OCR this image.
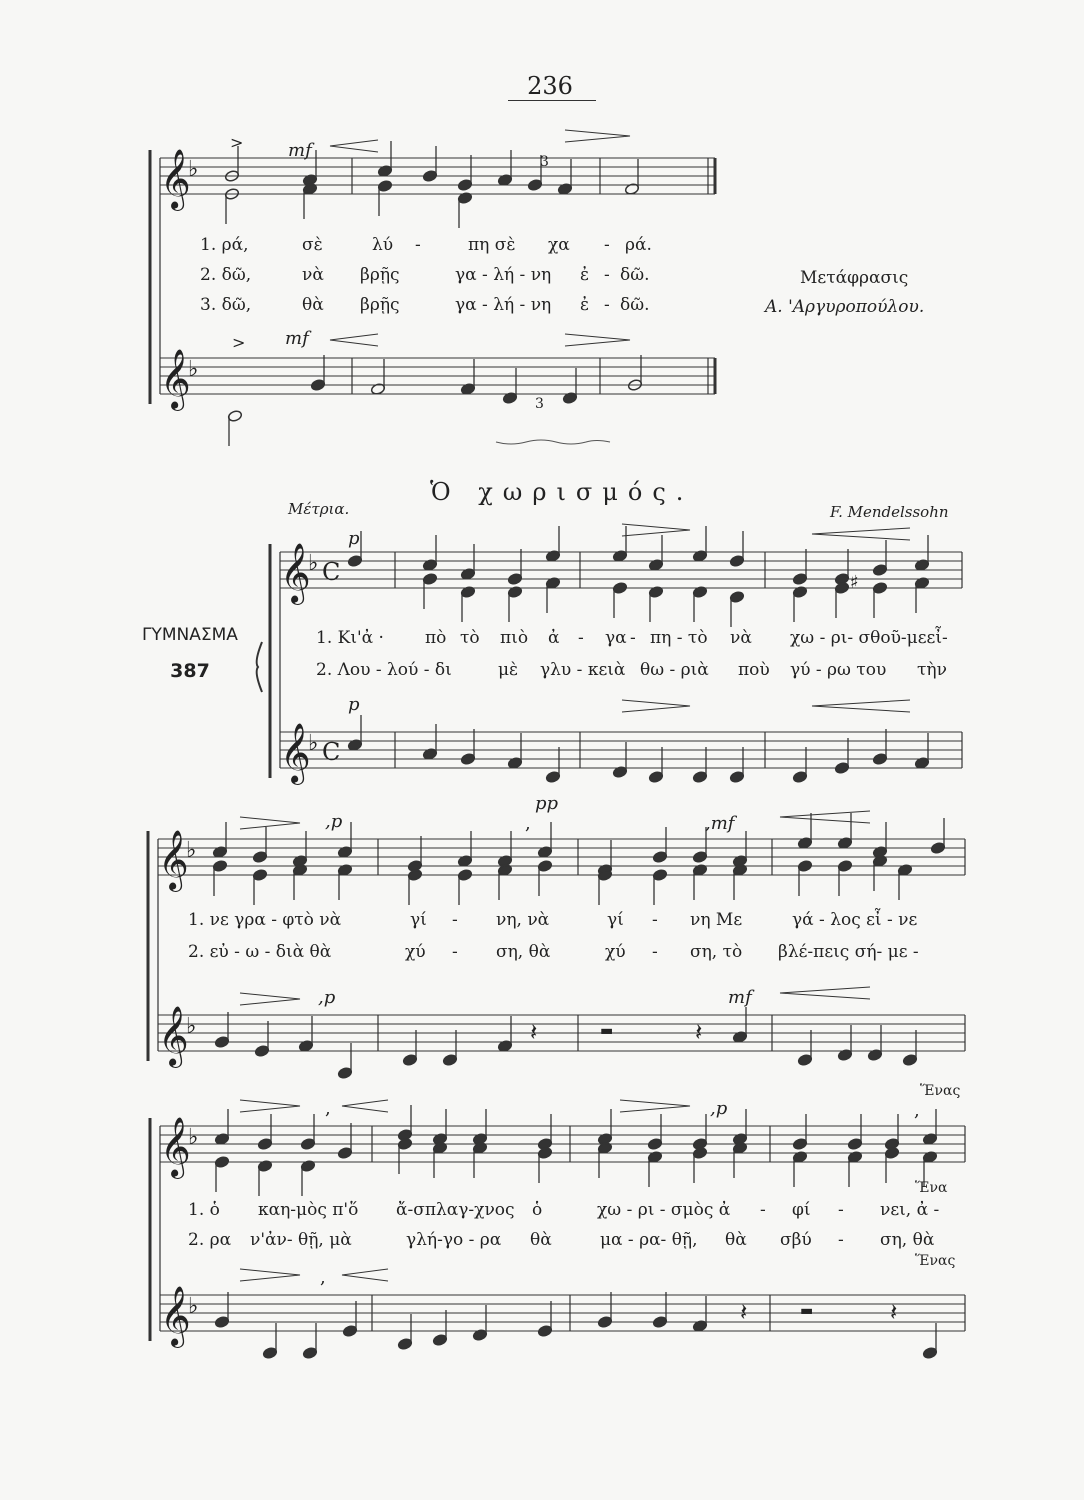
236
𝄞
♭
𝄞
♭
> mf
3
> mf
3
𝄞
♭ C
𝄞
♭ C
♯
p
p
𝄞
♭
𝄞
♭
,p
pp
,	,mf
𝄽	▬	𝄽
,p	mf
𝄞
♭
𝄞
♭
,	,p	,
𝄽	▬	𝄽
,
1. ρά,	σὲ	λύ -	πη σὲ χα - ρά.
2. δῶ,	νὰ βρῇς	γα - λή - νη ἐ - δῶ.
3. δῶ,	θὰ βρῇς	γα - λή - νη ἐ - δῶ.
Μετάφρασις
Α. 'Αργυροπούλου.
Ὁ χωρισμός.
Μέτρια.	F. Mendelssohn
ΓΥΜΝΑΣΜΑ
387
1. Κι'ἀ · πὸ τὸ πιὸ ἀ - γα - πη - τὸ νὰ χω - ρι- σθοῦ-μεεἶ-
2. Λου - λού - δι	μὲ γλυ - κειὰ θω - ριὰ ποὺ γύ - ρω του τὴν
1. νε γρα - φτὸ νὰ	γί - νη, νὰ	γί - νη Με	γά - λος εἶ - νε
2. εὐ - ω - διὰ θὰ	χύ - ση, θὰ	χύ - ση, τὸ βλέ-πεις σή- με -
Ἕνας
Ἕνα
Ἕνας
1. ὁ καη-μὸς π'ὅ ἄ-σπλαγ-χνος ὁ	χω - ρι - σμὸς ἀ - φί - νει, ἀ -
2. ρα ν'ἀν- θῇ, μὰ	γλή-γο - ρα θὰ	μα - ρα- θῇ, θὰ σβύ - ση, θὰ
